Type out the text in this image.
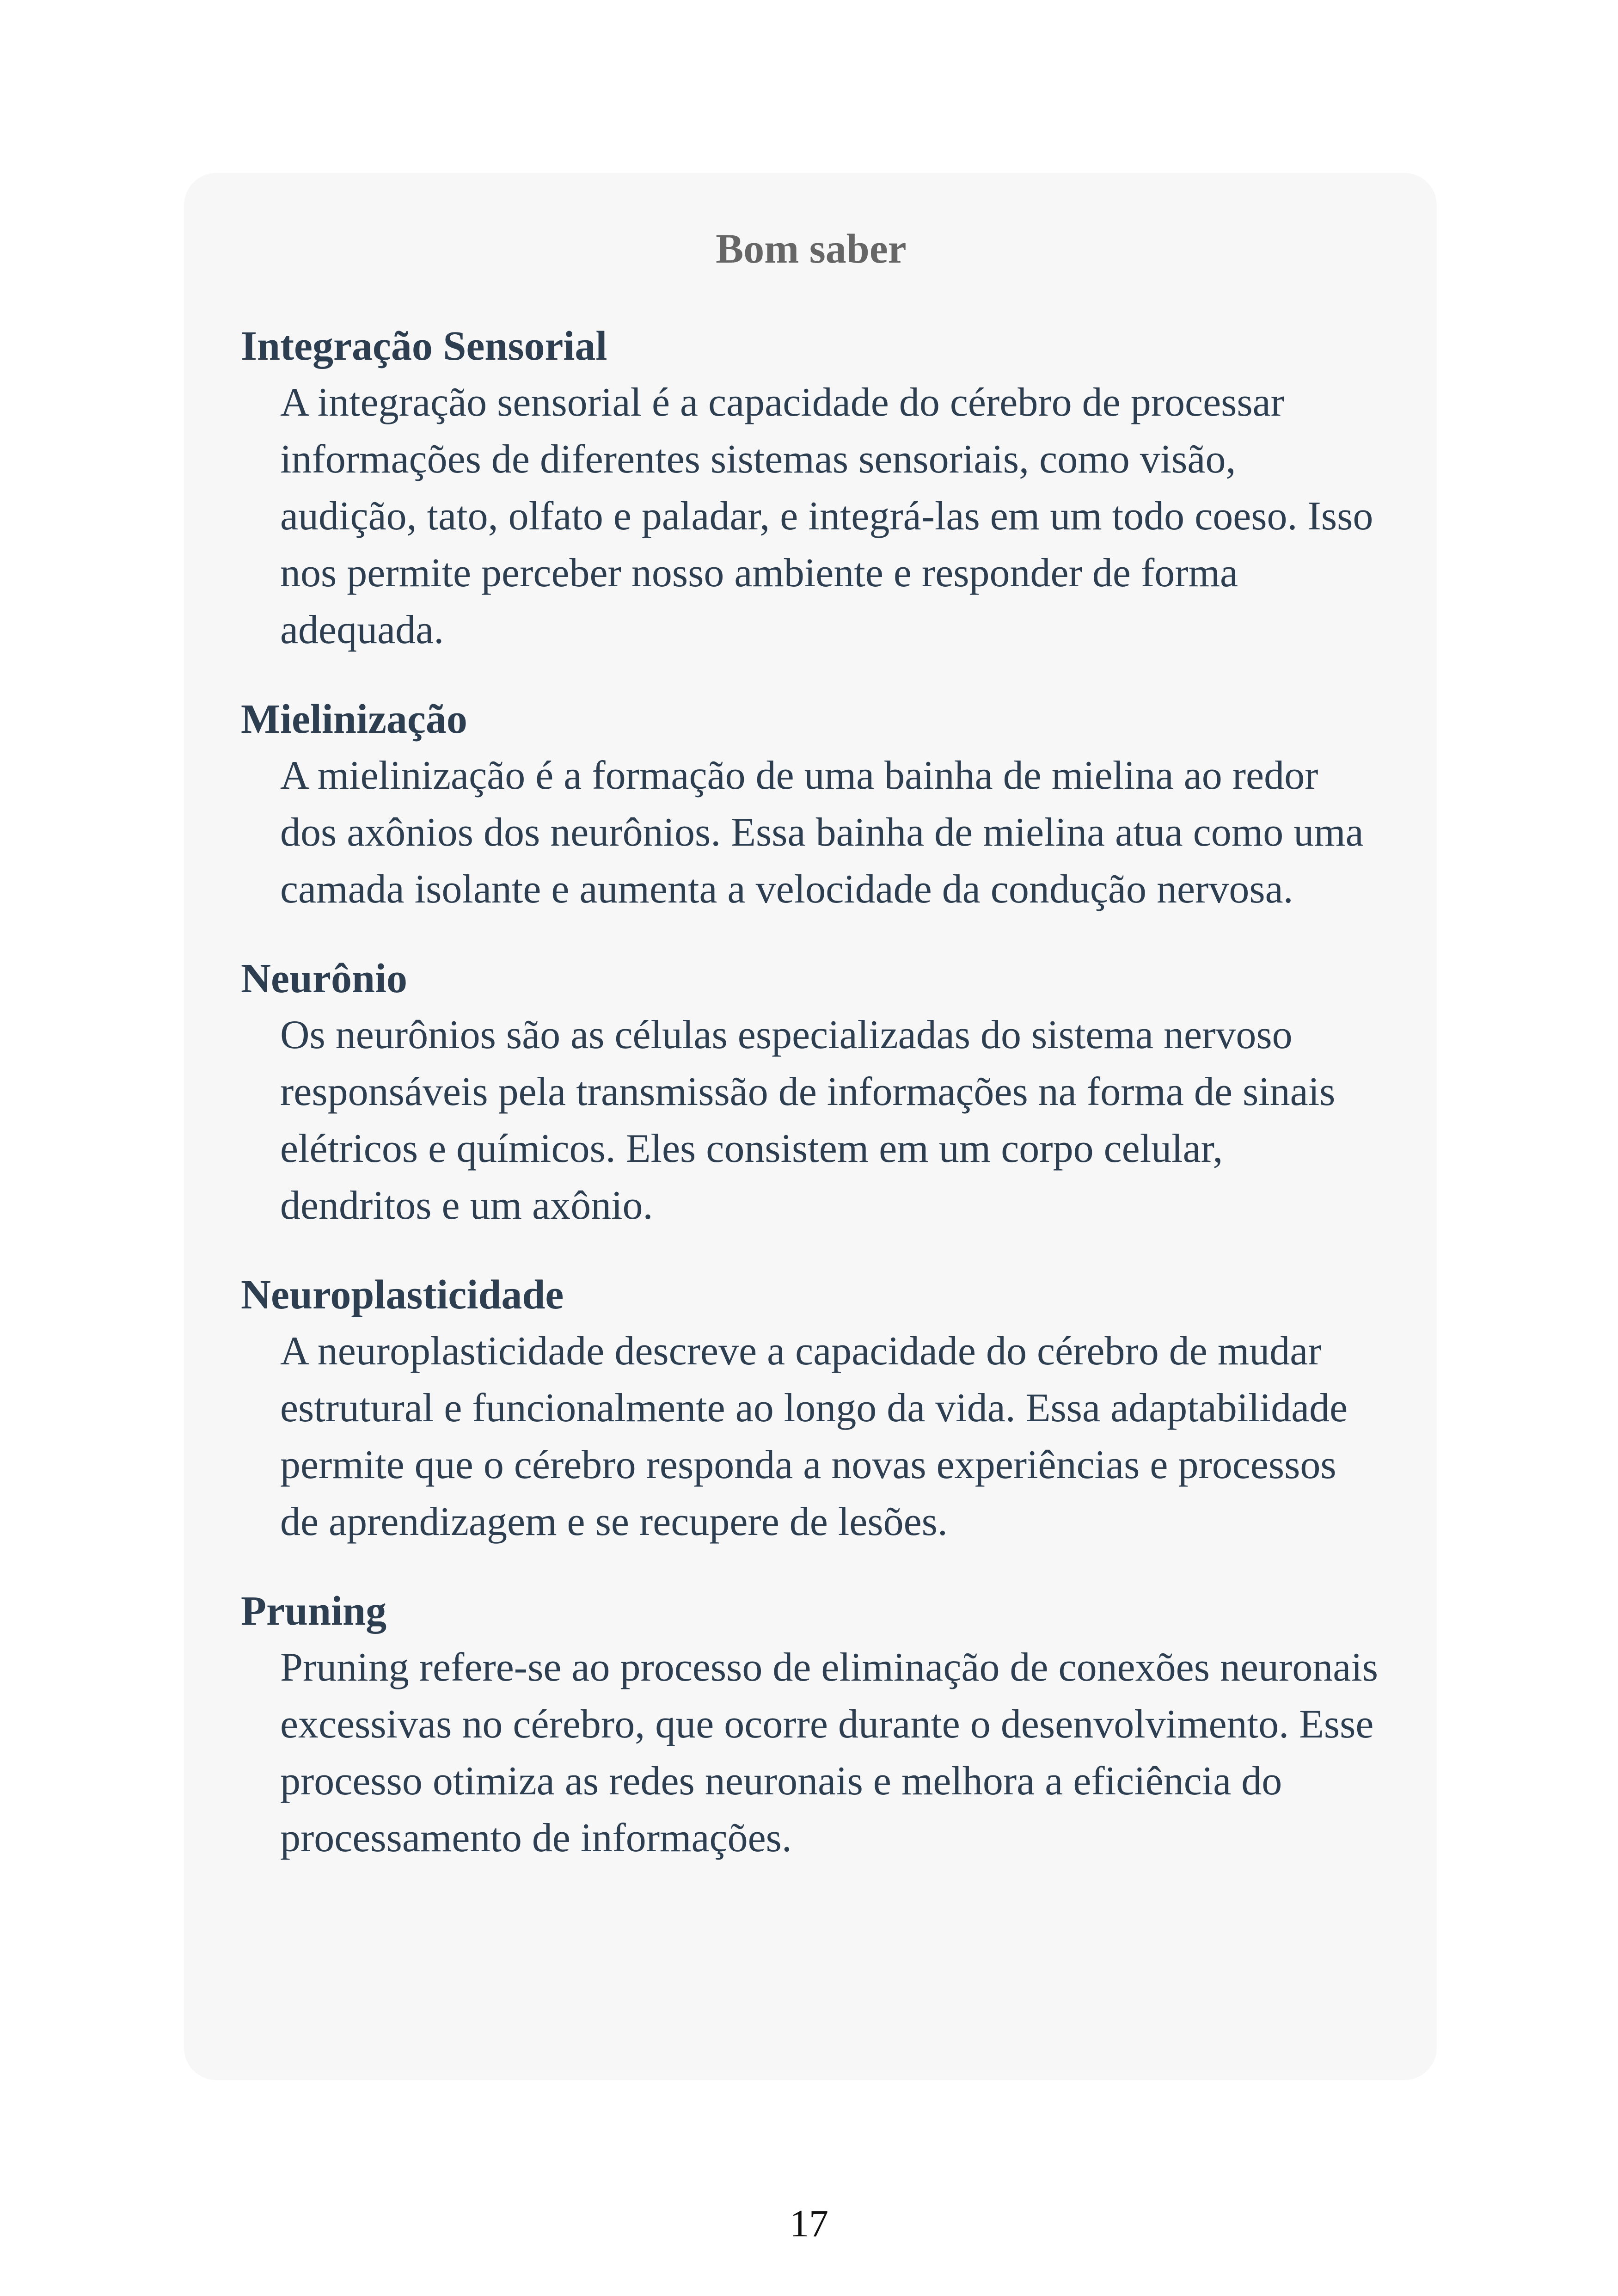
Bom saber
Integração Sensorial
A integração sensorial é a capacidade do cérebro de processar informações de diferentes sistemas sensoriais, como visão, audição, tato, olfato e paladar, e integrá-las em um todo coeso. Isso nos permite perceber nosso ambiente e responder de forma adequada.
Mielinização
A mielinização é a formação de uma bainha de mielina ao redor dos axônios dos neurônios. Essa bainha de mielina atua como uma camada isolante e aumenta a velocidade da condução nervosa.
Neurônio
Os neurônios são as células especializadas do sistema nervoso responsáveis pela transmissão de informações na forma de sinais elétricos e químicos. Eles consistem em um corpo celular, dendritos e um axônio.
Neuroplasticidade
A neuroplasticidade descreve a capacidade do cérebro de mudar estrutural e funcionalmente ao longo da vida. Essa adaptabilidade permite que o cérebro responda a novas experiências e processos de aprendizagem e se recupere de lesões.
Pruning
Pruning refere-se ao processo de eliminação de conexões neuronais excessivas no cérebro, que ocorre durante o desenvolvimento. Esse processo otimiza as redes neuronais e melhora a eficiência do processamento de informações.
17
